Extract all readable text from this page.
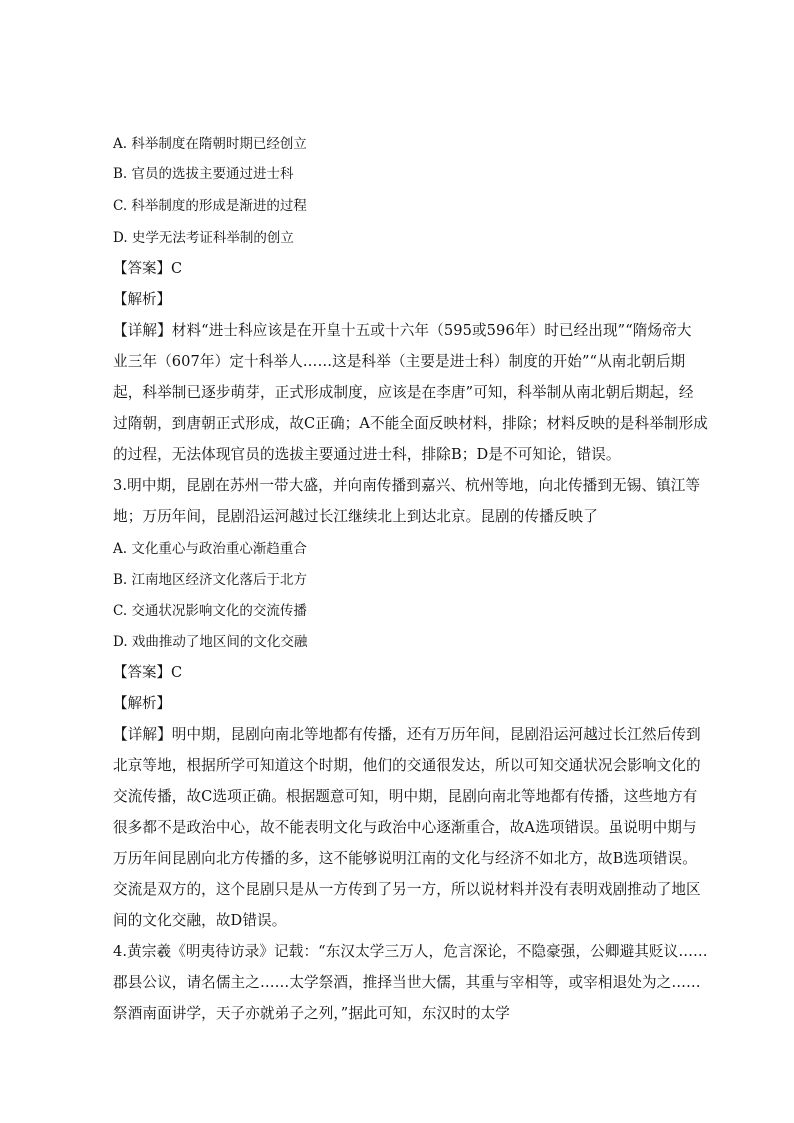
A. 科举制度在隋朝时期已经创立
B. 官员的选拔主要通过进士科
C. 科举制度的形成是渐进的过程
D. 史学无法考证科举制的创立
【答案】C
【解析】
【详解】材料“进士科应该是在开皇十五或十六年（595或596年）时已经出现”“隋炀帝大
业三年（607年）定十科举人……这是科举（主要是进士科）制度的开始”“从南北朝后期
起，科举制已逐步萌芽，正式形成制度，应该是在李唐”可知，科举制从南北朝后期起，经
过隋朝，到唐朝正式形成，故C正确；A不能全面反映材料，排除；材料反映的是科举制形成
的过程，无法体现官员的选拔主要通过进士科，排除B；D是不可知论，错误。
3.明中期，昆剧在苏州一带大盛，并向南传播到嘉兴、杭州等地，向北传播到无锡、镇江等
地；万历年间，昆剧沿运河越过长江继续北上到达北京。昆剧的传播反映了
A. 文化重心与政治重心渐趋重合
B. 江南地区经济文化落后于北方
C. 交通状况影响文化的交流传播
D. 戏曲推动了地区间的文化交融
【答案】C
【解析】
【详解】明中期，昆剧向南北等地都有传播，还有万历年间，昆剧沿运河越过长江然后传到
北京等地，根据所学可知道这个时期，他们的交通很发达，所以可知交通状况会影响文化的
交流传播，故C选项正确。根据题意可知，明中期，昆剧向南北等地都有传播，这些地方有
很多都不是政治中心，故不能表明文化与政治中心逐渐重合，故A选项错误。虽说明中期与
万历年间昆剧向北方传播的多，这不能够说明江南的文化与经济不如北方，故B选项错误。
交流是双方的，这个昆剧只是从一方传到了另一方，所以说材料并没有表明戏剧推动了地区
间的文化交融，故D错误。
4.黄宗羲《明夷待访录》记载：“东汉太学三万人，危言深论，不隐豪强，公卿避其贬议……
郡县公议，请名儒主之……太学祭酒，推择当世大儒，其重与宰相等，或宰相退处为之……
祭酒南面讲学，天子亦就弟子之列，”据此可知，东汉时的太学
